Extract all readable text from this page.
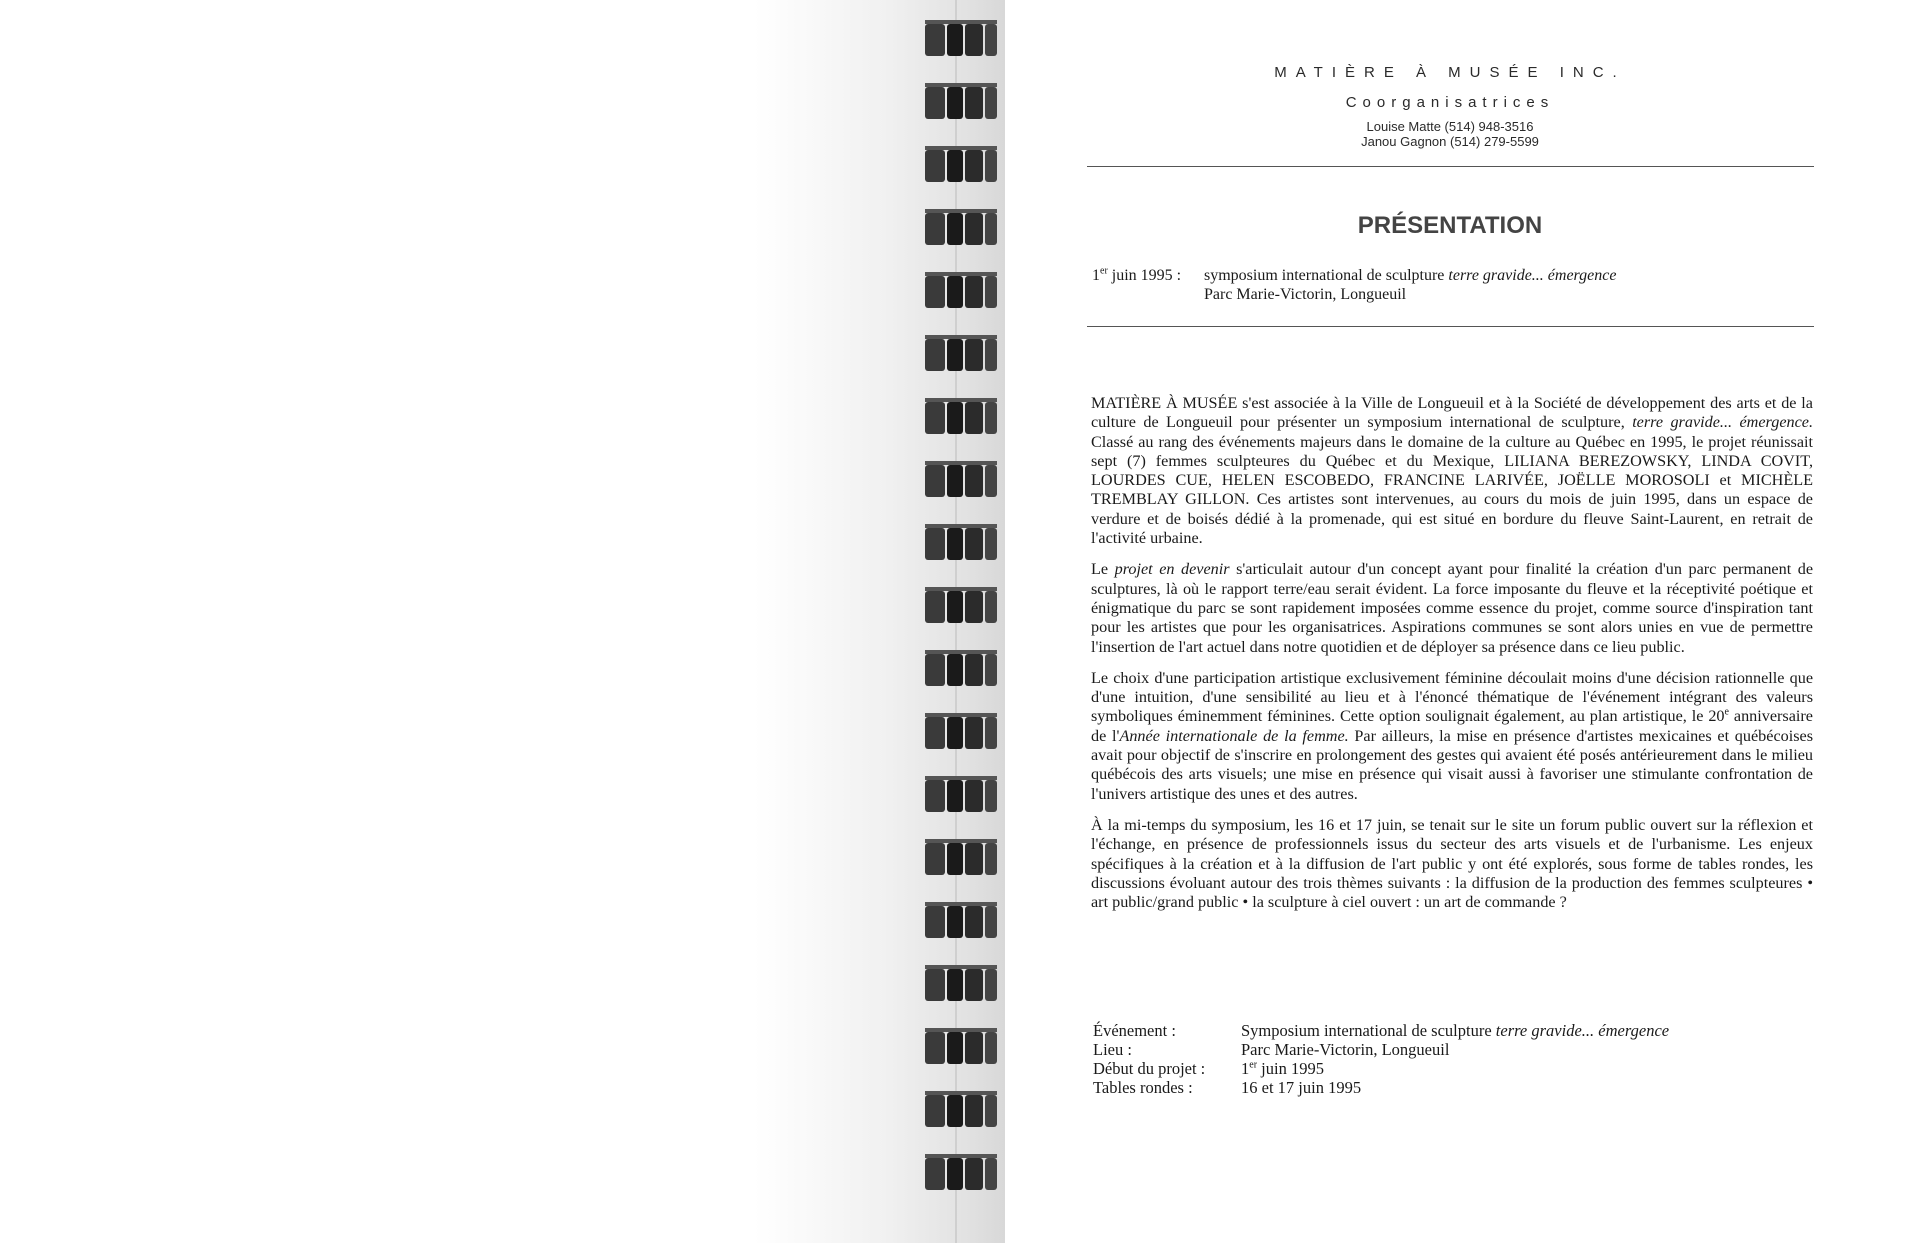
MATIÈRE À MUSÉE INC.
Coorganisatrices
Louise Matte (514) 948-3516
Janou Gagnon (514) 279-5599
PRÉSENTATION
1er juin 1995 : symposium international de sculpture terre gravide... émergence
Parc Marie-Victorin, Longueuil

MATIÈRE À MUSÉE s'est associée à la Ville de Longueuil et à la Société de développement des arts et de la culture de Longueuil pour présenter un symposium international de sculpture, terre gravide... émergence. Classé au rang des événements majeurs dans le domaine de la culture au Québec en 1995, le projet réunissait sept (7) femmes sculpteures du Québec et du Mexique, LILIANA BEREZOWSKY, LINDA COVIT, LOURDES CUE, HELEN ESCOBEDO, FRANCINE LARIVÉE, JOËLLE MOROSOLI et MICHÈLE TREMBLAY GILLON. Ces artistes sont intervenues, au cours du mois de juin 1995, dans un espace de verdure et de boisés dédié à la promenade, qui est situé en bordure du fleuve Saint-Laurent, en retrait de l'activité urbaine.

Le projet en devenir s'articulait autour d'un concept ayant pour finalité la création d'un parc permanent de sculptures, là où le rapport terre/eau serait évident. La force imposante du fleuve et la réceptivité poétique et énigmatique du parc se sont rapidement imposées comme essence du projet, comme source d'inspiration tant pour les artistes que pour les organisatrices. Aspirations communes se sont alors unies en vue de permettre l'insertion de l'art actuel dans notre quotidien et de déployer sa présence dans ce lieu public.

Le choix d'une participation artistique exclusivement féminine découlait moins d'une décision rationnelle que d'une intuition, d'une sensibilité au lieu et à l'énoncé thématique de l'événement intégrant des valeurs symboliques éminemment féminines. Cette option soulignait également, au plan artistique, le 20e anniversaire de l'Année internationale de la femme. Par ailleurs, la mise en présence d'artistes mexicaines et québécoises avait pour objectif de s'inscrire en prolongement des gestes qui avaient été posés antérieurement dans le milieu québécois des arts visuels; une mise en présence qui visait aussi à favoriser une stimulante confrontation de l'univers artistique des unes et des autres.

À la mi-temps du symposium, les 16 et 17 juin, se tenait sur le site un forum public ouvert sur la réflexion et l'échange, en présence de professionnels issus du secteur des arts visuels et de l'urbanisme. Les enjeux spécifiques à la création et à la diffusion de l'art public y ont été explorés, sous forme de tables rondes, les discussions évoluant autour des trois thèmes suivants : la diffusion de la production des femmes sculpteures • art public/grand public • la sculpture à ciel ouvert : un art de commande ?

Événement :	Symposium international de sculpture terre gravide... émergence
Lieu :	Parc Marie-Victorin, Longueuil
Début du projet : 1er juin 1995
Tables rondes :	16 et 17 juin 1995
